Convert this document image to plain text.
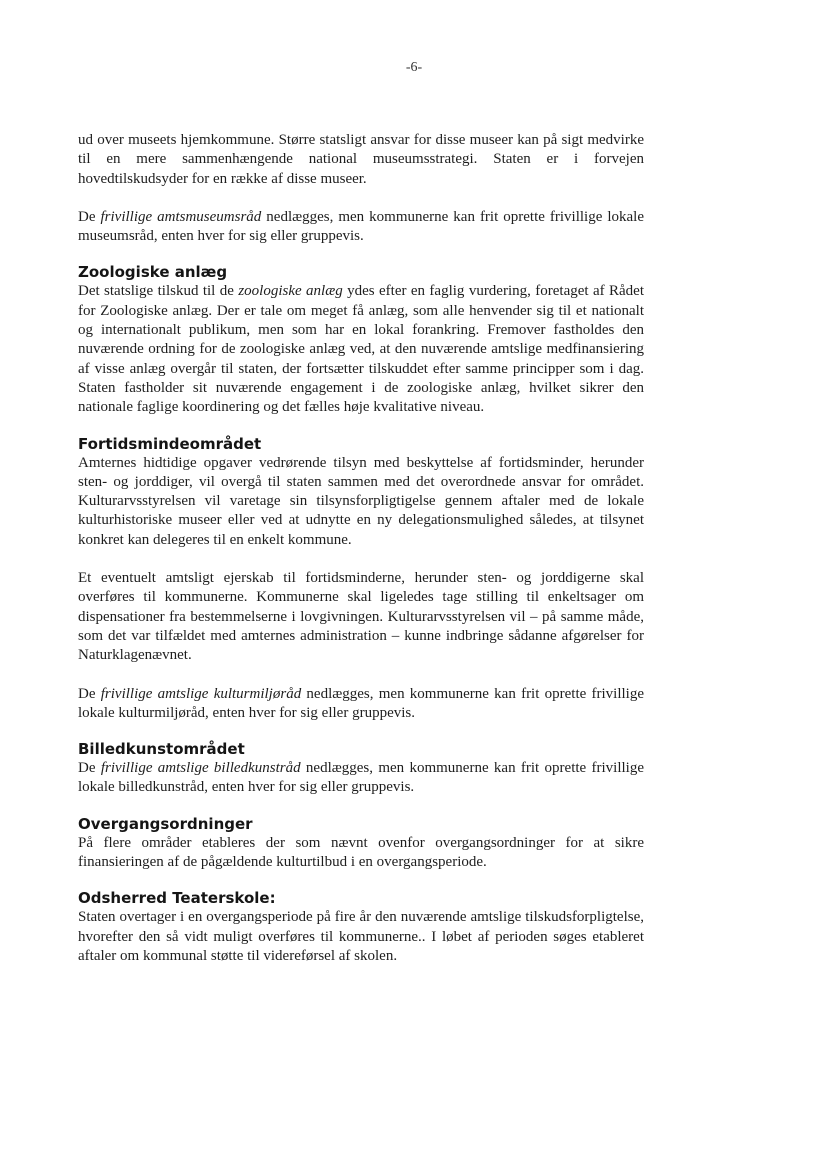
-6-

ud over museets hjemkommune. Større statsligt ansvar for disse museer kan på sigt medvirke til en mere sammenhængende national museumsstrategi. Staten er i forvejen hovedtilskudsyder for en række af disse museer.

De frivillige amtsmuseumsråd nedlægges, men kommunerne kan frit oprette frivillige lokale museumsråd, enten hver for sig eller gruppevis.

Zoologiske anlæg

Det statslige tilskud til de zoologiske anlæg ydes efter en faglig vurdering, foretaget af Rådet for Zoologiske anlæg. Der er tale om meget få anlæg, som alle henvender sig til et nationalt og internationalt publikum, men som har en lokal forankring. Fremover fastholdes den nuværende ordning for de zoologiske anlæg ved, at den nuværende amtslige medfinansiering af visse anlæg overgår til staten, der fortsætter tilskuddet efter samme principper som i dag. Staten fastholder sit nuværende engagement i de zoologiske anlæg, hvilket sikrer den nationale faglige koordinering og det fælles høje kvalitative niveau.

Fortidsmindeområdet

Amternes hidtidige opgaver vedrørende tilsyn med beskyttelse af fortidsminder, herunder sten- og jorddiger, vil overgå til staten sammen med det overordnede ansvar for området. Kulturarvsstyrelsen vil varetage sin tilsynsforpligtigelse gennem aftaler med de lokale kulturhistoriske museer eller ved at udnytte en ny delegationsmulighed således, at tilsynet konkret kan delegeres til en enkelt kommune.

Et eventuelt amtsligt ejerskab til fortidsminderne, herunder sten- og jorddigerne skal overføres til kommunerne. Kommunerne skal ligeledes tage stilling til enkeltsager om dispensationer fra bestemmelserne i lovgivningen. Kulturarvsstyrelsen vil – på samme måde, som det var tilfældet med amternes administration – kunne indbringe sådanne afgørelser for Naturklagenævnet.

De frivillige amtslige kulturmiljøråd nedlægges, men kommunerne kan frit oprette frivillige lokale kulturmiljøråd, enten hver for sig eller gruppevis.

Billedkunstområdet

De frivillige amtslige billedkunstråd nedlægges, men kommunerne kan frit oprette frivillige lokale billedkunstråd, enten hver for sig eller gruppevis.

Overgangsordninger

På flere områder etableres der som nævnt ovenfor overgangsordninger for at sikre finansieringen af de pågældende kulturtilbud i en overgangsperiode.

Odsherred Teaterskole:

Staten overtager i en overgangsperiode på fire år den nuværende amtslige tilskudsforpligtelse, hvorefter den så vidt muligt overføres til kommunerne.. I løbet af perioden søges etableret aftaler om kommunal støtte til videreførsel af skolen.
